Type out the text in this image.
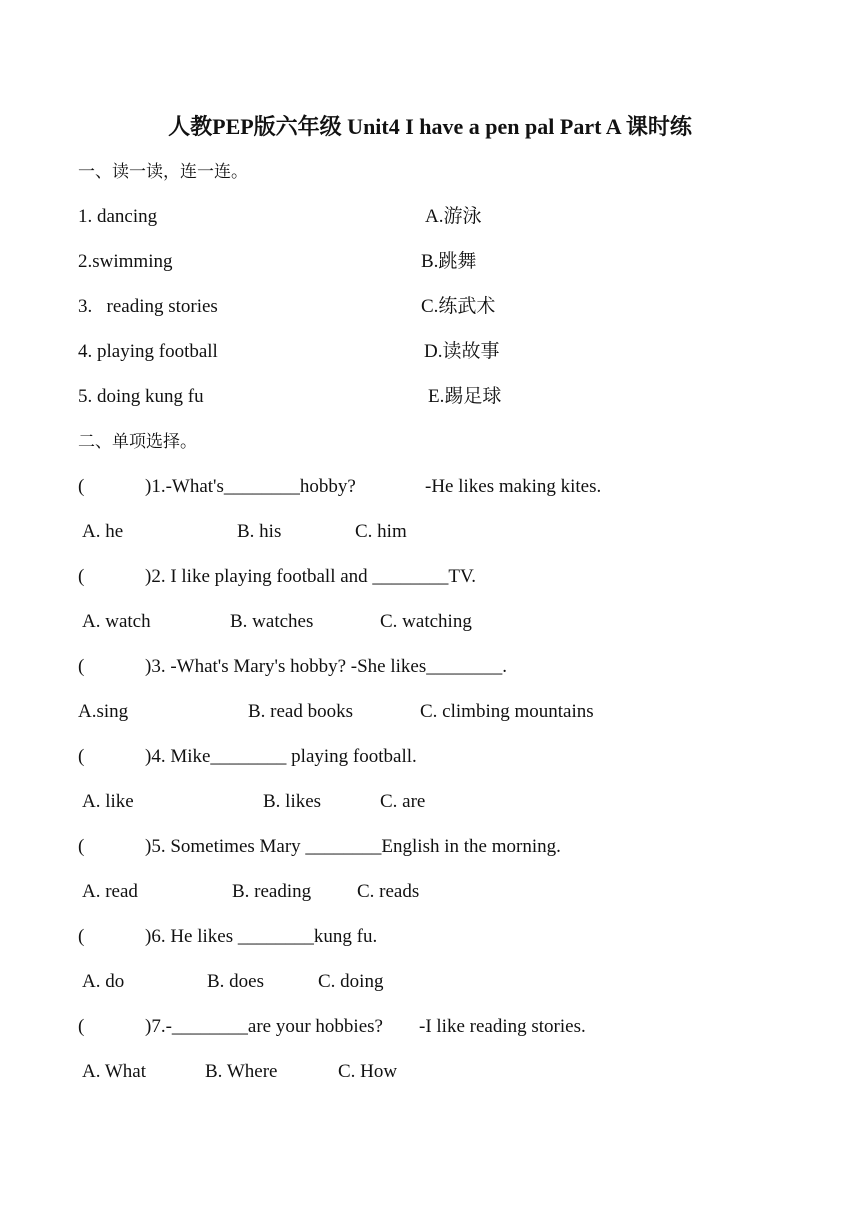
人教PEP版六年级 Unit4 I have a pen pal Part A 课时练
一、读一读，连一连。
1. dancing	A.游泳
2.swimming	B.跳舞
3.   reading stories	C.练武术
4. playing football	D.读故事
5. doing kung fu	E.踢足球
二、单项选择。
(	)1.-What's________hobby?	-He likes making kites.
A. he	B. his	C. him
(	)2. I like playing football and ________TV.
A. watch	B. watches	C. watching
(	)3. -What's Mary's hobby? -She likes________.
A.sing	B. read books	C. climbing mountains
(	)4. Mike________ playing football.
A. like	B. likes	C. are
(	)5. Sometimes Mary ________English in the morning.
A. read	B. reading C. reads
(	)6. He likes ________kung fu.
A. do	B. does	C. doing
(	)7.-________are your hobbies? -I like reading stories.
A. What	B. Where	C. How
